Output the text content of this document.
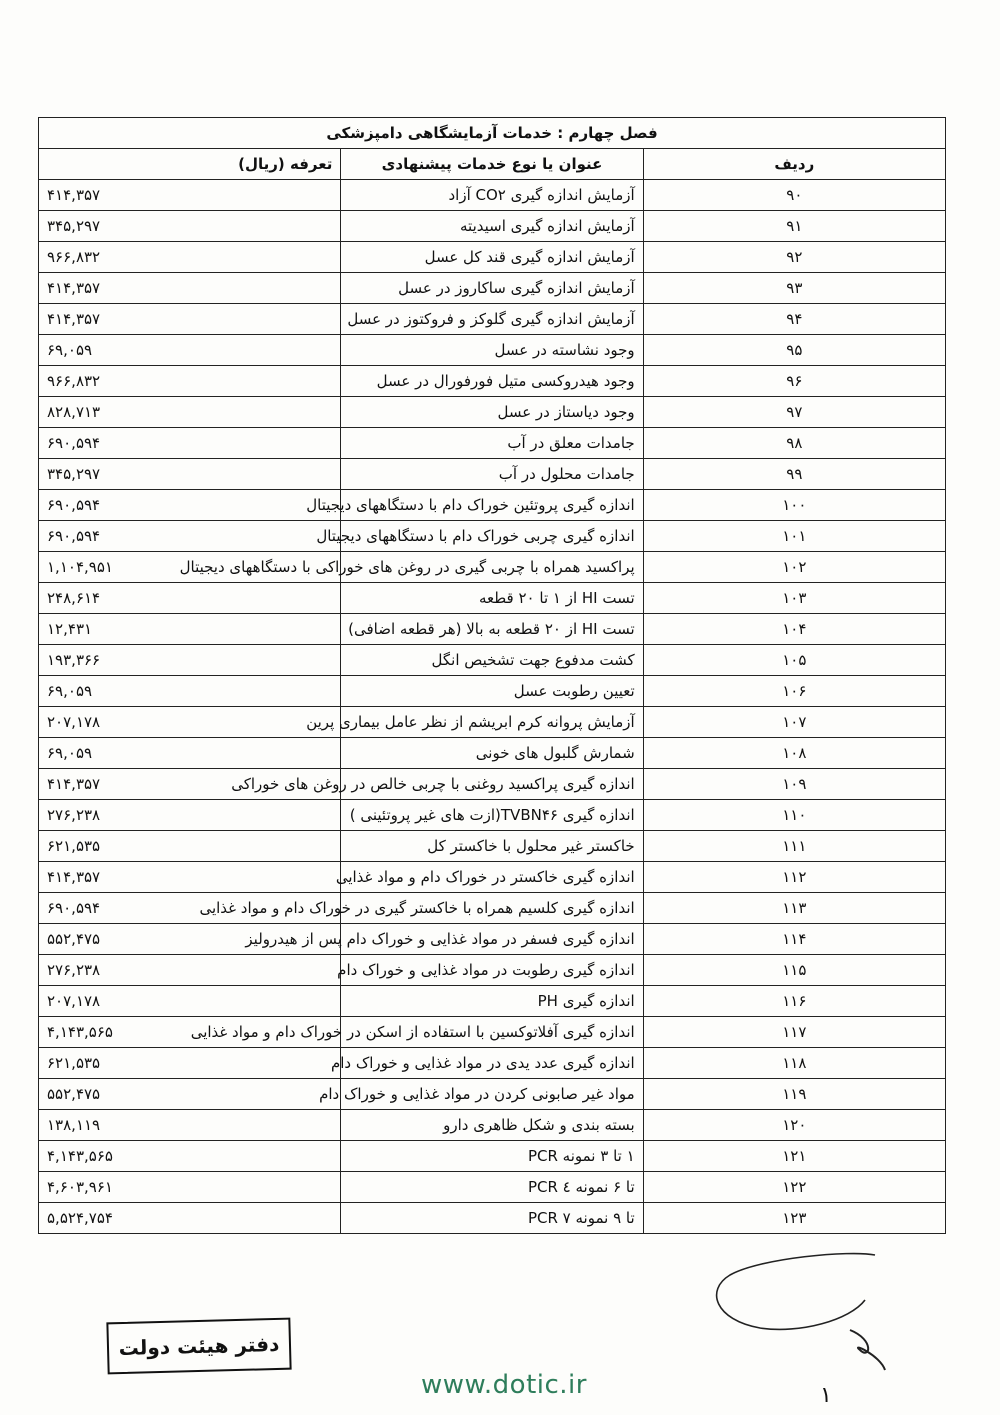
فصل چهارم : خدمات آزمایشگاهی دامپزشکی		
ردیف	عنوان یا نوع خدمات پیشنهادی	تعرفه (ریال)
۹۰	آزمایش اندازه گیری CO۲ آزاد	۴۱۴,۳۵۷
۹۱	آزمایش اندازه گیری اسیدیته	۳۴۵,۲۹۷
۹۲	آزمایش اندازه گیری قند کل عسل	۹۶۶,۸۳۲
۹۳	آزمایش اندازه گیری ساکاروز در عسل	۴۱۴,۳۵۷
۹۴	آزمایش اندازه گیری گلوکز و فروکتوز در عسل	۴۱۴,۳۵۷
۹۵	وجود نشاسته در عسل	۶۹,۰۵۹
۹۶	وجود هیدروکسی متیل فورفورال در عسل	۹۶۶,۸۳۲
۹۷	وجود دیاستاز در عسل	۸۲۸,۷۱۳
۹۸	جامدات معلق در آب	۶۹۰,۵۹۴
۹۹	جامدات محلول در آب	۳۴۵,۲۹۷
۱۰۰	اندازه گیری پروتئین خوراک دام با دستگاههای دیجیتال	۶۹۰,۵۹۴
۱۰۱	اندازه گیری چربی خوراک دام با دستگاههای دیجیتال	۶۹۰,۵۹۴
۱۰۲	پراکسید همراه با چربی گیری در روغن های خوراکی با دستگاههای دیجیتال	۱,۱۰۴,۹۵۱
۱۰۳	تست HI از ۱ تا ۲۰ قطعه	۲۴۸,۶۱۴
۱۰۴	تست HI از ۲۰ قطعه به بالا (هر قطعه اضافی)	۱۲,۴۳۱
۱۰۵	کشت مدفوع جهت تشخیص انگل	۱۹۳,۳۶۶
۱۰۶	تعیین رطوبت عسل	۶۹,۰۵۹
۱۰۷	آزمایش پروانه کرم ابریشم از نظر عامل بیماری پرین	۲۰۷,۱۷۸
۱۰۸	شمارش گلبول های خونی	۶۹,۰۵۹
۱۰۹	اندازه گیری پراکسید روغنی با چربی خالص در روغن های خوراکی	۴۱۴,۳۵۷
۱۱۰	اندازه گیری TVBN۴۶(ازت های غیر پروتئینی )	۲۷۶,۲۳۸
۱۱۱	خاکستر غیر محلول با خاکستر کل	۶۲۱,۵۳۵
۱۱۲	اندازه گیری خاکستر در خوراک دام و مواد غذایی	۴۱۴,۳۵۷
۱۱۳	اندازه گیری کلسیم همراه با خاکستر گیری در خوراک دام و مواد غذایی	۶۹۰,۵۹۴
۱۱۴	اندازه گیری فسفر در مواد غذایی و خوراک دام پس از هیدرولیز	۵۵۲,۴۷۵
۱۱۵	اندازه گیری رطوبت در مواد غذایی و خوراک دام	۲۷۶,۲۳۸
۱۱۶	اندازه گیری PH	۲۰۷,۱۷۸
۱۱۷	اندازه گیری آفلاتوکسین با استفاده از اسکن در خوراک دام و مواد غذایی	۴,۱۴۳,۵۶۵
۱۱۸	اندازه گیری عدد یدی در مواد غذایی و خوراک دام	۶۲۱,۵۳۵
۱۱۹	مواد غیر صابونی کردن در مواد غذایی و خوراک دام	۵۵۲,۴۷۵
۱۲۰	بسته بندی و شکل ظاهری دارو	۱۳۸,۱۱۹
۱۲۱	۱ تا ۳ نمونه PCR	۴,۱۴۳,۵۶۵
۱۲۲	تا ۶ نمونه ٤ PCR	۴,۶۰۳,۹۶۱
۱۲۳	تا ۹ نمونه ۷ PCR	۵,۵۲۴,۷۵۴
دفتر هیئت دولت
www.dotic.ir	۱
